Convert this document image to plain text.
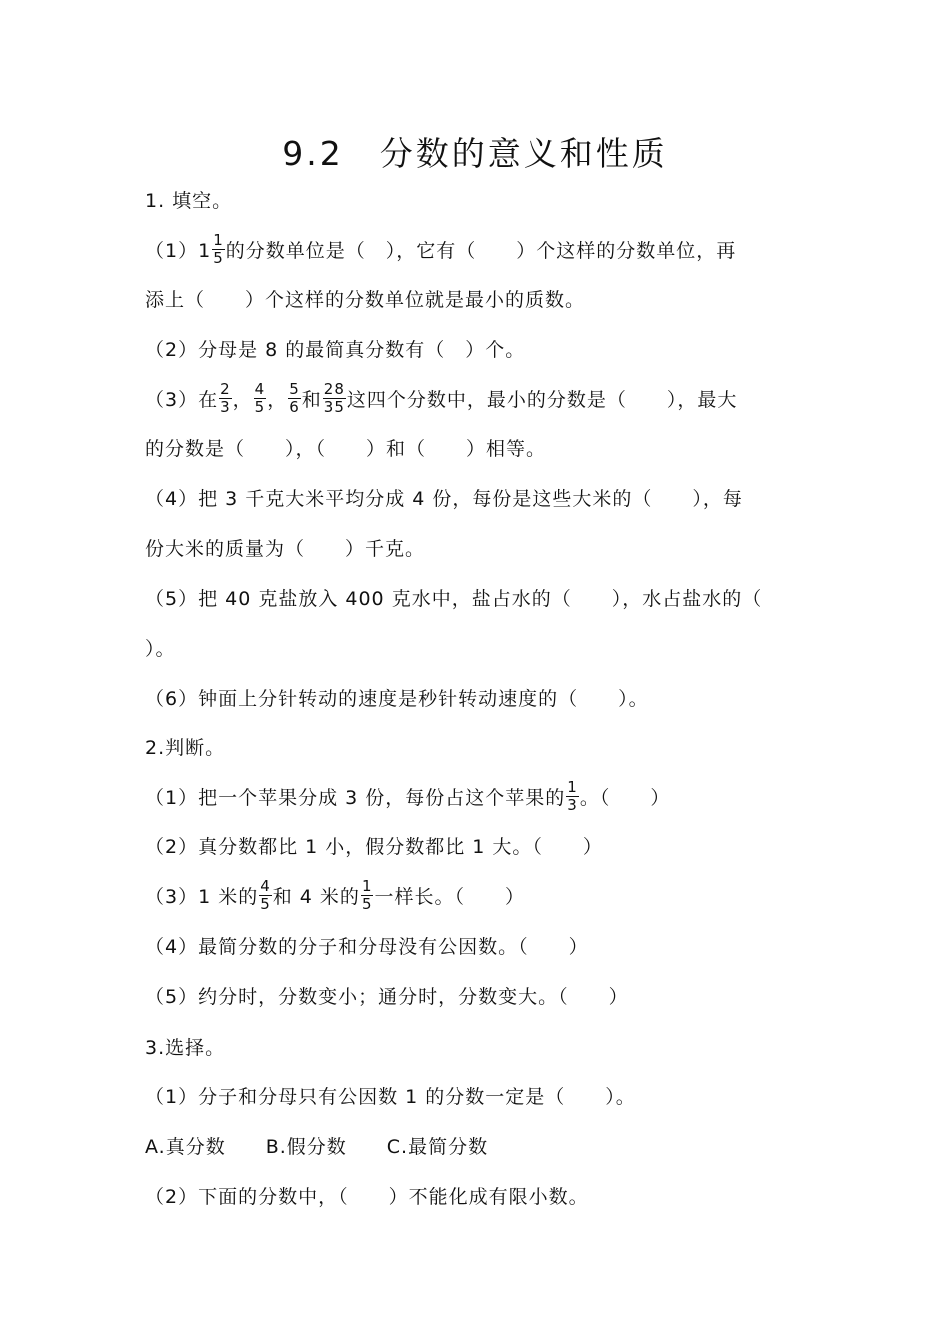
9.2　分数的意义和性质
1. 填空。
$(1)1 \frac{1}{5}$ 的分数单位是（　），它有（　　）个这样的分数单位，再
添上（　　）个这样的分数单位就是最小的质数。
（2）分母是 8 的最简真分数有（　）个。
（3）在 $\frac{2}{3}$ ， $\frac{4}{5}$ ， $\frac{5}{6}$ 和 $\frac{28}{35}$ 这四个分数中，最小的分数是（　　），最大
的分数是（　　），（　　）和（　　）相等。
（4）把 3 千克大米平均分成 4 份，每份是这些大米的（　　），每
份大米的质量为（　　）千克。
（5）把 40 克盐放入 400 克水中，盐占水的（　　），水占盐水的（
）。
（6）钟面上分针转动的速度是秒针转动速度的（　　）。
2.判断。
（1）把一个苹果分成 3 份，每份占这个苹果的 $\frac{1}{3}$ 。（　　）
（2）真分数都比 1 小，假分数都比 1 大。（　　）
（3）1 米的 $\frac{4}{5}$ 和 4 米的 $\frac{1}{5}$ 一样长。（　　）
（4）最简分数的分子和分母没有公因数。（　　）
（5）约分时，分数变小；通分时，分数变大。（　　）
3.选择。
（1）分子和分母只有公因数 1 的分数一定是（　　）。
A.真分数　　B.假分数　　C.最简分数
（2）下面的分数中，（　　）不能化成有限小数。
